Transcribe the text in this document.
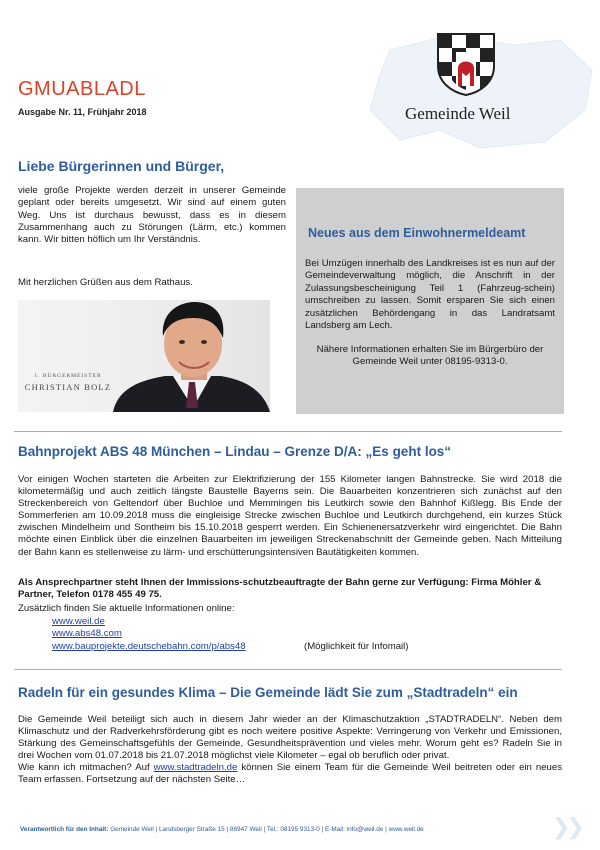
GMUABLADL
Ausgabe Nr. 11, Frühjahr 2018	Gemeinde Weil
Liebe Bürgerinnen und Bürger,

viele große Projekte werden derzeit in unserer Gemeinde geplant oder bereits umgesetzt. Wir sind auf einem guten Weg. Uns ist durchaus bewusst, dass es in diesem Zusammenhang auch zu Störungen (Lärm, etc.) kommen kann. Wir bitten höflich um Ihr Verständnis.

Mit herzlichen Grüßen aus dem Rathaus.

1. BÜRGERMEISTER
CHRISTIAN BOLZ
Neues aus dem Einwohnermeldeamt

Bei Umzügen innerhalb des Landkreises ist es nun auf der Gemeindeverwaltung möglich, die Anschrift in der Zulassungsbescheinigung Teil 1 (Fahrzeug-schein) umschreiben zu lassen. Somit ersparen Sie sich einen zusätzlichen Behördengang in das Landratsamt Landsberg am Lech.

Nähere Informationen erhalten Sie im Bürgerbüro der Gemeinde Weil unter 08195-9313-0.

Bahnprojekt ABS 48 München – Lindau – Grenze D/A: „Es geht los“

Vor einigen Wochen starteten die Arbeiten zur Elektrifizierung der 155 Kilometer langen Bahnstrecke. Sie wird 2018 die kilometermäßig und auch zeitlich längste Baustelle Bayerns sein. Die Bauarbeiten konzentrieren sich zunächst auf den Streckenbereich von Geltendorf über Buchloe und Memmingen bis Leutkirch sowie den Bahnhof Kißlegg. Bis Ende der Sommerferien am 10.09.2018 muss die eingleisige Strecke zwischen Buchloe und Leutkirch durchgehend, ein kurzes Stück zwischen Mindelheim und Sontheim bis 15.10.2018 gesperrt werden. Ein Schienenersatzverkehr wird eingerichtet. Die Bahn möchte einen Einblick über die einzelnen Bauarbeiten im jeweiligen Streckenabschnitt der Gemeinde geben. Nach Mitteilung der Bahn kann es stellenweise zu lärm- und erschütterungsintensiven Bautätigkeiten kommen.

Als Ansprechpartner steht Ihnen der Immissions-schutzbeauftragte der Bahn gerne zur Verfügung: Firma Möhler & Partner, Telefon 0178 455 49 75.

Zusätzlich finden Sie aktuelle Informationen online:

www.weil.de
www.abs48.com
www.bauprojekte.deutschebahn.com/p/abs48	(Möglichkeit für Infomail)
Radeln für ein gesundes Klima – Die Gemeinde lädt Sie zum „Stadtradeln“ ein

Die Gemeinde Weil beteiligt sich auch in diesem Jahr wieder an der Klimaschutzaktion „STADTRADELN“. Neben dem Klimaschutz und der Radverkehrsförderung gibt es noch weitere positive Aspekte: Verringerung von Verkehr und Emissionen, Stärkung des Gemeinschaftsgefühls der Gemeinde, Gesundheitsprävention und vieles mehr. Worum geht es? Radeln Sie in drei Wochen vom 01.07.2018 bis 21.07.2018 möglichst viele Kilometer – egal ob beruflich oder privat.

Wie kann ich mitmachen? Auf www.stadtradeln.de können Sie einem Team für die Gemeinde Weil beitreten oder ein neues Team erfassen. Fortsetzung auf der nächsten Seite…

Verantwortlich für den Inhalt: Gemeinde Weil | Landsberger Straße 15 | 86947 Weil | Tel.: 08195 9313-0 | E-Mail: info@weil.de | www.weil.de	❯❯
